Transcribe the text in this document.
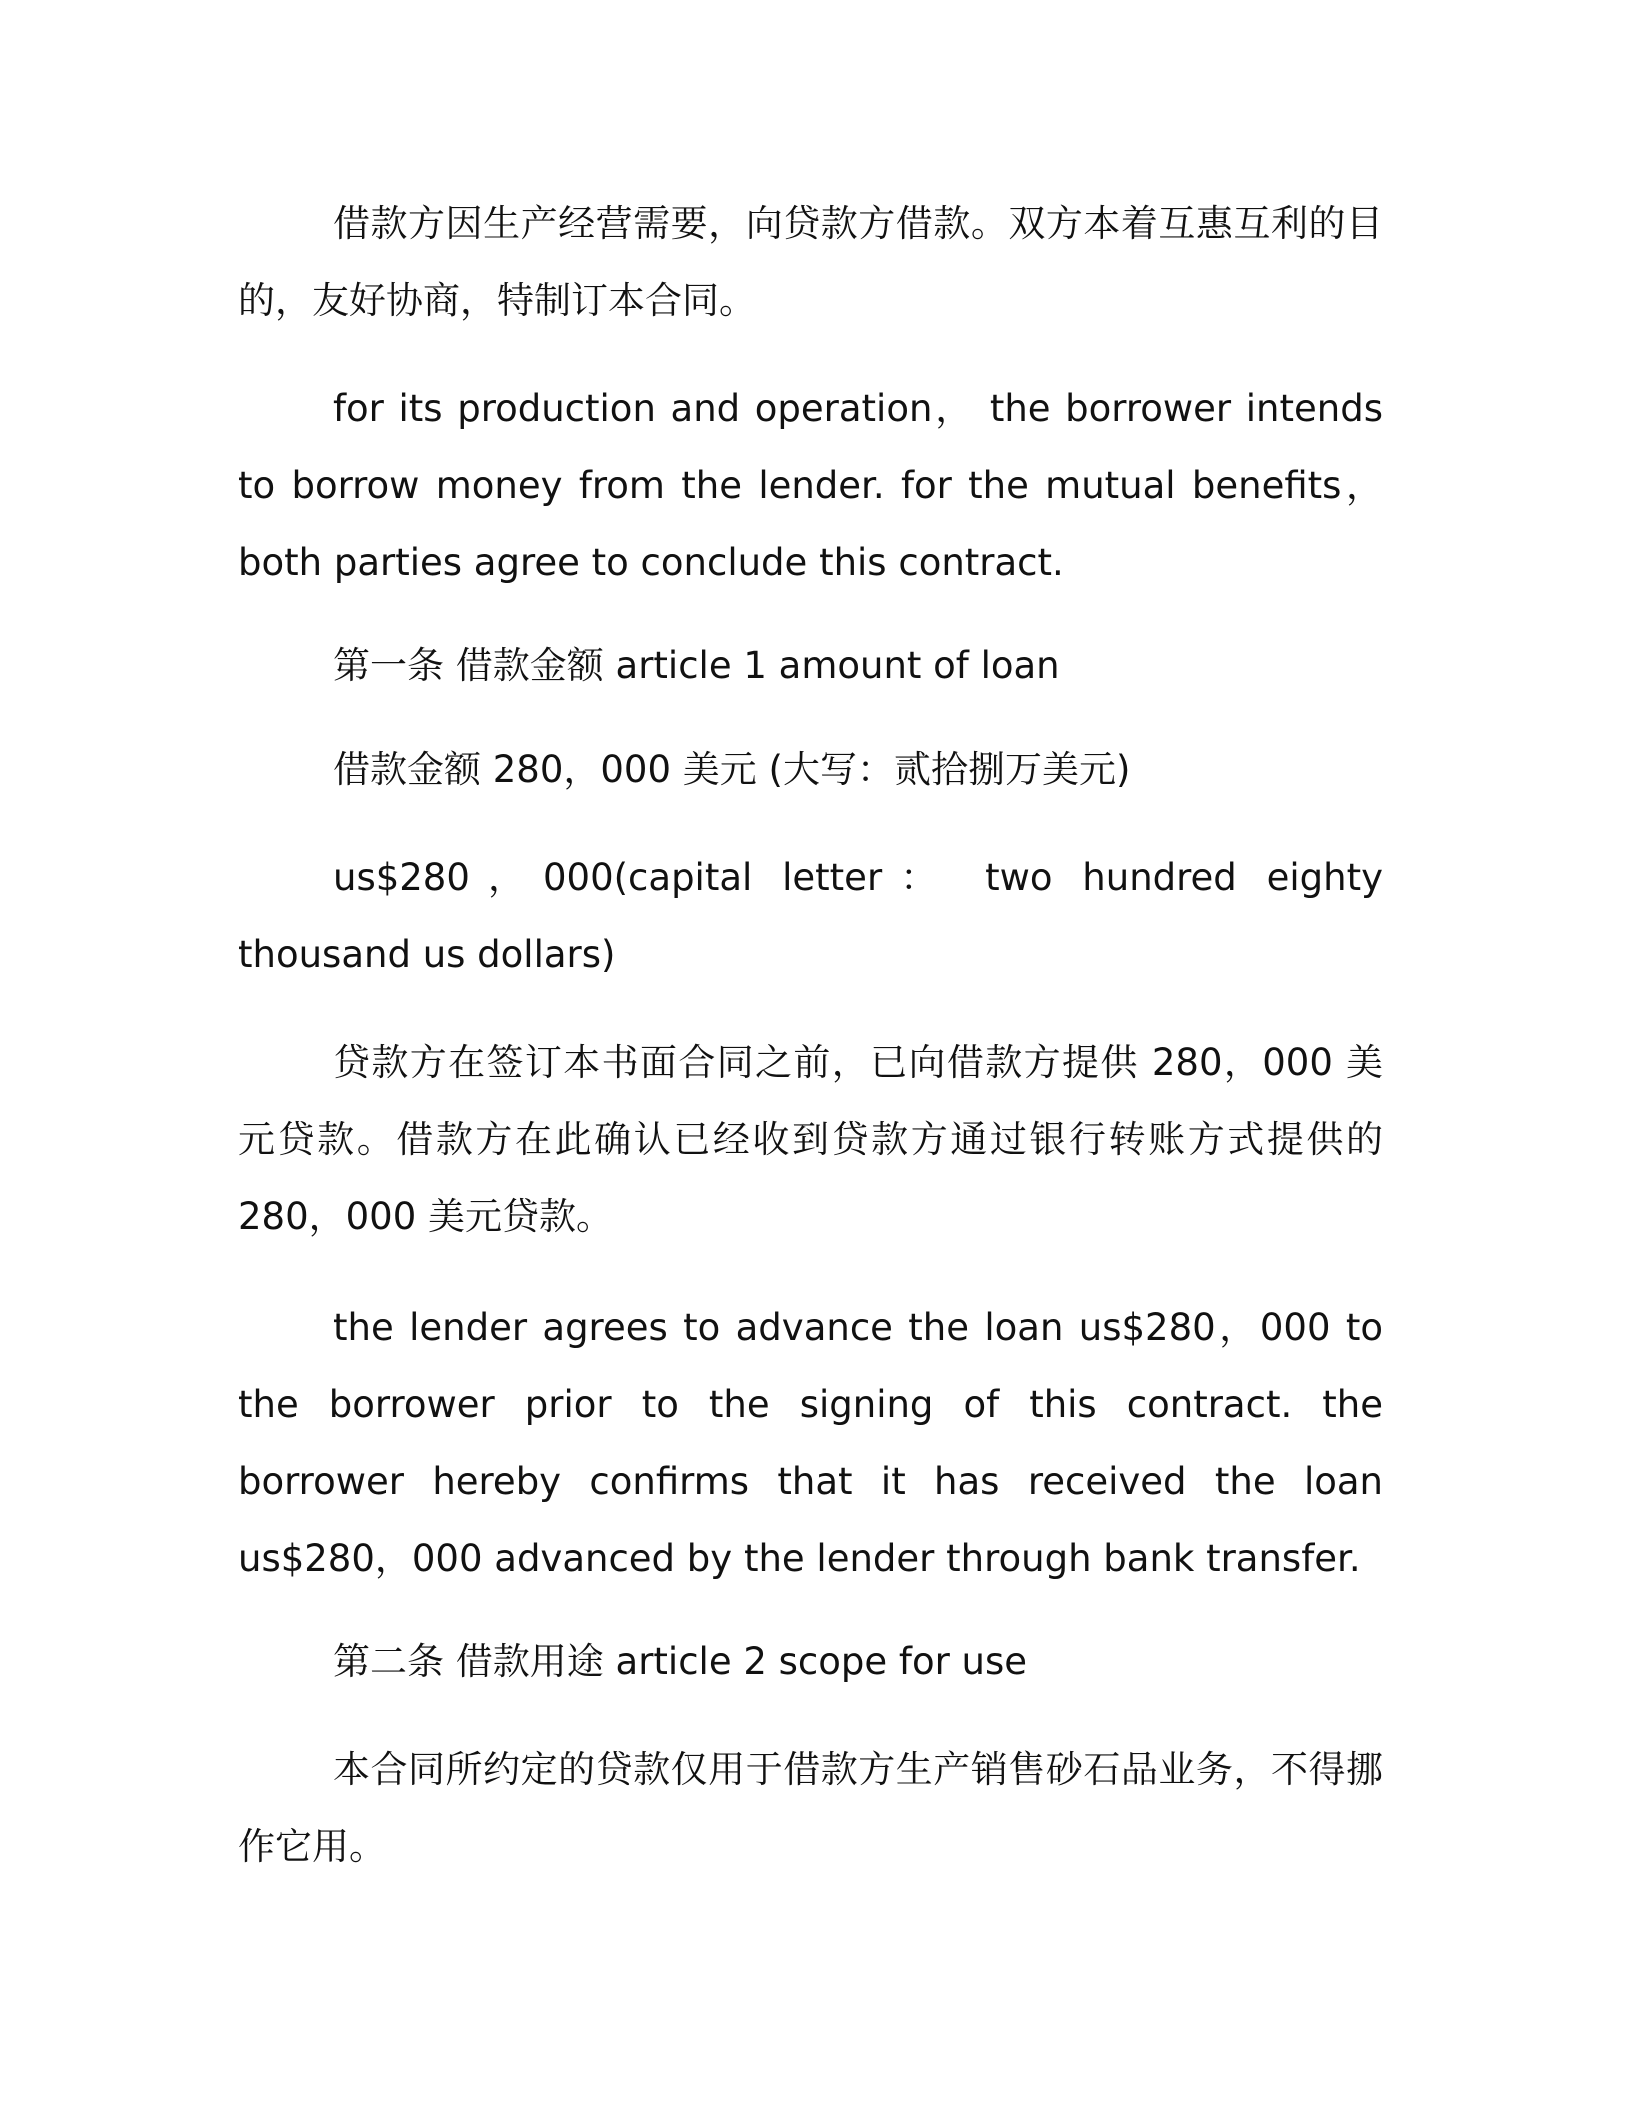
借款方因生产经营需要，向贷款方借款。双方本着互惠互利的目的，友好协商，特制订本合同。

for its production and operation， the borrower intends to borrow money from the lender. for the mutual benefits， both parties agree to conclude this contract.

第一条 借款金额 article 1 amount of loan

借款金额 280，000 美元 (大写：贰拾捌万美元)

us$280，000(capital letter： two hundred eighty thousand us dollars)

贷款方在签订本书面合同之前，已向借款方提供 280，000 美元贷款。借款方在此确认已经收到贷款方通过银行转账方式提供的 280，000 美元贷款。

the lender agrees to advance the loan us$280，000 to the borrower prior to the signing of this contract. the borrower hereby confirms that it has received the loan us$280，000 advanced by the lender through bank transfer.

第二条 借款用途 article 2 scope for use

本合同所约定的贷款仅用于借款方生产销售砂石品业务，不得挪作它用。
